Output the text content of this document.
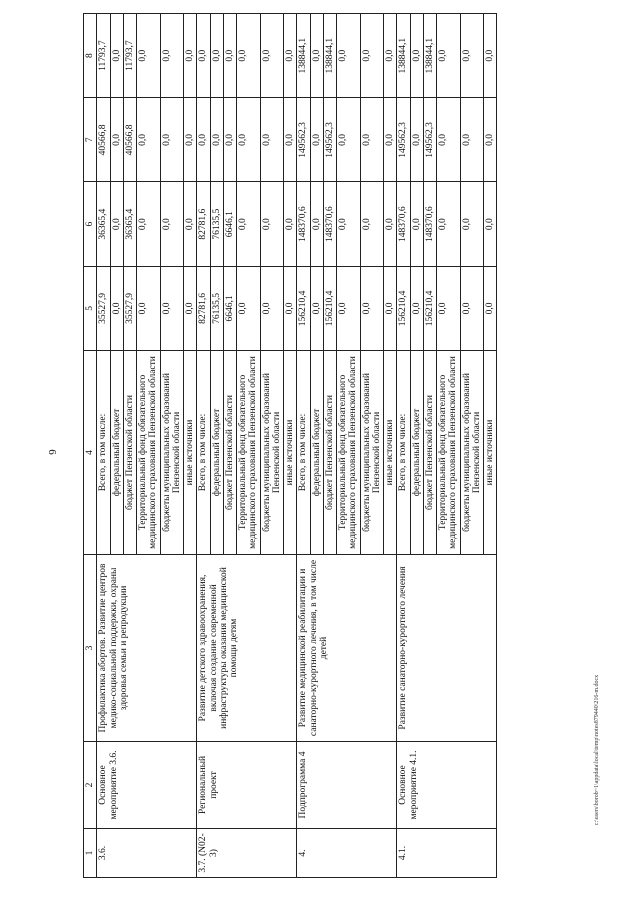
6
1	2	3	4	5	6	7	8
3.6.	Основное мероприятие 3.6.	Профилактика абортов. Развитие центров медико-социальной поддержки, охраны здоровья семьи и репродукции	Всего, в том числе:	35527,9	36365,4	40566,8	11793,7
			федеральный бюджет	0,0	0,0	0,0	0,0
			бюджет Пензенской области	35527,9	36365,4	40566,8	11793,7
			Территориальный фонд обязательного медицинского страхования Пензенской области	0,0	0,0	0,0	0,0
			бюджеты муниципальных образований Пензенской области	0,0	0,0	0,0	0,0
			иные источники	0,0	0,0	0,0	0,0
3.7. (N02-3)	Региональный проект	Развитие детского здравоохранения, включая создание современной инфраструктуры оказания медицинской помощи детям	Всего, в том числе:	82781,6	82781,6	0,0	0,0
			федеральный бюджет	76135,5	76135,5	0,0	0,0
			бюджет Пензенской области	6646,1	6646,1	0,0	0,0
			Территориальный фонд обязательного медицинского страхования Пензенской области	0,0	0,0	0,0	0,0
			бюджеты муниципальных образований Пензенской области	0,0	0,0	0,0	0,0
			иные источники	0,0	0,0	0,0	0,0
4.	Подпрограмма 4	Развитие медицинской реабилитации и санаторно-курортного лечения, в том числе детей	Всего, в том числе:	156210,4	148370,6	149562,3	138844,1
			федеральный бюджет	0,0	0,0	0,0	0,0
			бюджет Пензенской области	156210,4	148370,6	149562,3	138844,1
			Территориальный фонд обязательного медицинского страхования Пензенской области	0,0	0,0	0,0	0,0
			бюджеты муниципальных образований Пензенской области	0,0	0,0	0,0	0,0
			иные источники	0,0	0,0	0,0	0,0
4.1.	Основное мероприятие 4.1.	Развитие санаторно-курортного лечения	Всего, в том числе:	156210,4	148370,6	149562,3	138844,1
			федеральный бюджет	0,0	0,0	0,0	0,0
			бюджет Пензенской области	156210,4	148370,6	149562,3	138844,1
			Территориальный фонд обязательного медицинского страхования Пензенской области	0,0	0,0	0,0	0,0
			бюджеты муниципальных образований Пензенской области	0,0	0,0	0,0	0,0
			иные источники	0,0	0,0	0,0	0,0
c:\users\borob~1\appdata\local\temp\notes879440\216-m.docx
